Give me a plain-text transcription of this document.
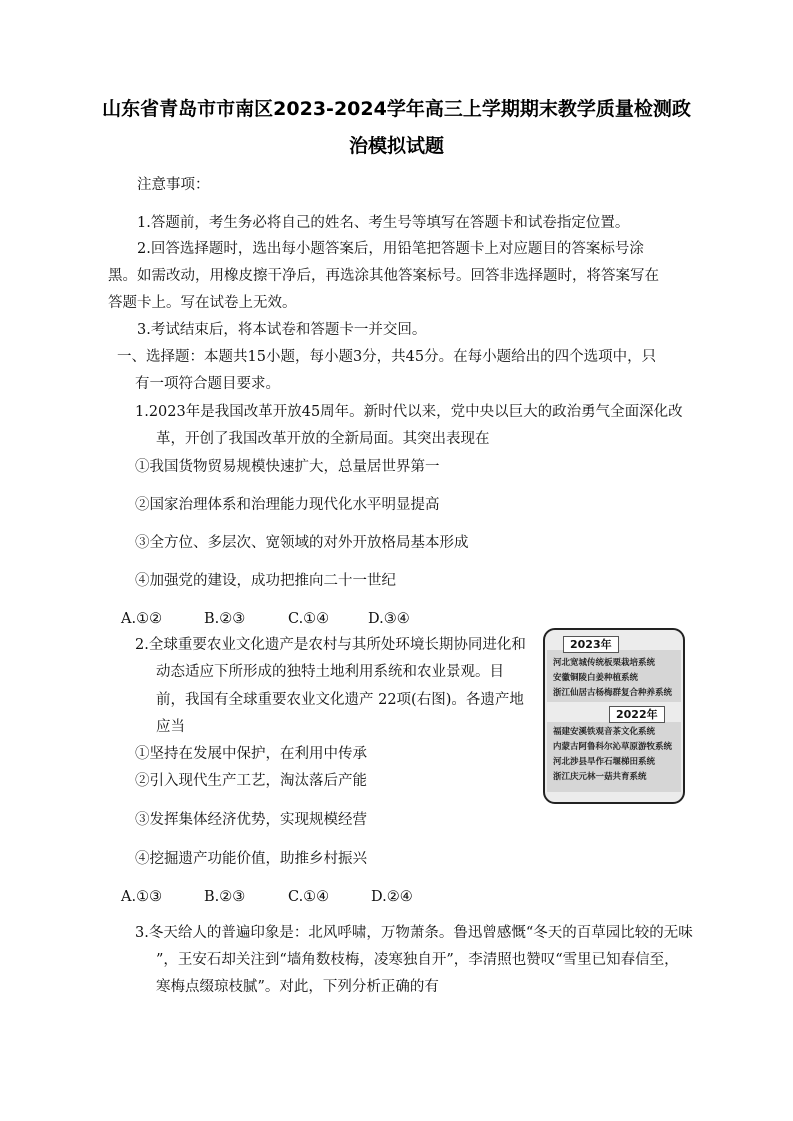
山东省青岛市市南区2023-2024学年高三上学期期末教学质量检测政
治模拟试题
注意事项：
1.答题前，考生务必将自己的姓名、考生号等填写在答题卡和试卷指定位置。
2.回答选择题时，选出每小题答案后，用铅笔把答题卡上对应题目的答案标号涂
黑。如需改动，用橡皮擦干净后，再选涂其他答案标号。回答非选择题时，将答案写在
答题卡上。写在试卷上无效。
3.考试结束后，将本试卷和答题卡一并交回。
一、选择题：本题共15小题，每小题3分，共45分。在每小题给出的四个选项中，只
有一项符合题目要求。
1.2023年是我国改革开放45周年。新时代以来，党中央以巨大的政治勇气全面深化改
革，开创了我国改革开放的全新局面。其突出表现在
①我国货物贸易规模快速扩大，总量居世界第一
②国家治理体系和治理能力现代化水平明显提高
③全方位、多层次、宽领域的对外开放格局基本形成
④加强党的建设，成功把推向二十一世纪
A.①②	B.②③	C.①④	D.③④
2.全球重要农业文化遗产是农村与其所处环境长期协同进化和
动态适应下所形成的独特土地利用系统和农业景观。目
前，我国有全球重要农业文化遗产 22项(右图)。各遗产地
应当
①坚持在发展中保护，在利用中传承
②引入现代生产工艺，淘汰落后产能
③发挥集体经济优势，实现规模经营
④挖掘遗产功能价值，助推乡村振兴
A.①③	B.②③	C.①④	D.②④
2023年
河北宽城传统板栗栽培系统
安徽铜陵白姜种植系统
浙江仙居古杨梅群复合种养系统
2022年
福建安溪铁观音茶文化系统
内蒙古阿鲁科尔沁草原游牧系统
河北涉县旱作石堰梯田系统
浙江庆元林一菇共育系统
3.冬天给人的普遍印象是：北风呼啸，万物萧条。鲁迅曾感慨“冬天的百草园比较的无味
”，王安石却关注到“墙角数枝梅，凌寒独自开”，李清照也赞叹“雪里已知春信至，
寒梅点缀琼枝腻”。对此，下列分析正确的有
